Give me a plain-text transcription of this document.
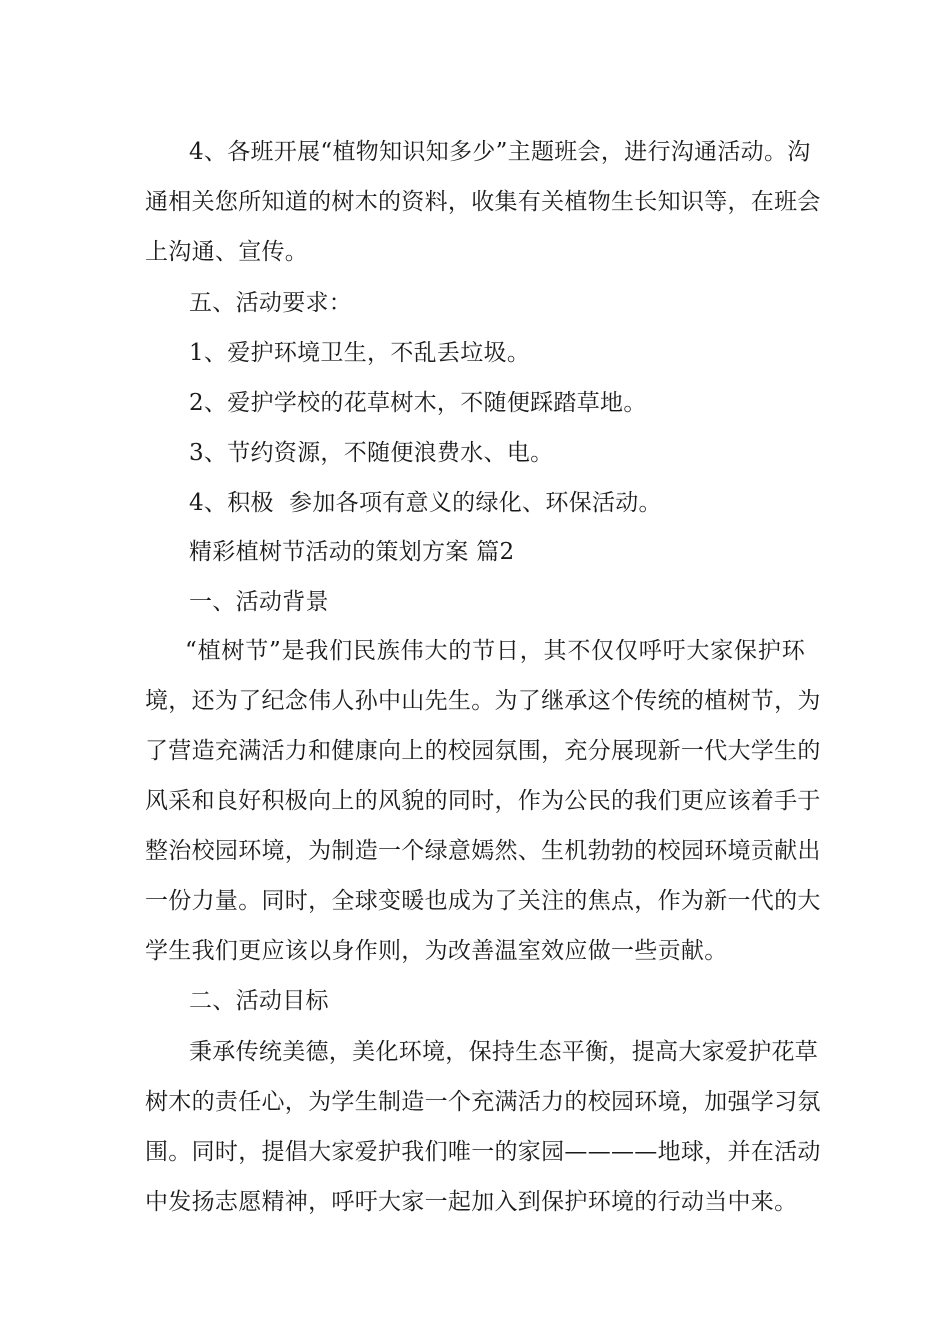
4、各班开展“植物知识知多少”主题班会，进行沟通活动。沟
通相关您所知道的树木的资料，收集有关植物生长知识等，在班会
上沟通、宣传。
五、活动要求：
1、爱护环境卫生，不乱丢垃圾。
2、爱护学校的花草树木，不随便踩踏草地。
3、节约资源，不随便浪费水、电。
4、积极  参加各项有意义的绿化、环保活动。
精彩植树节活动的策划方案 篇2
一、活动背景
“植树节”是我们民族伟大的节日，其不仅仅呼吁大家保护环
境，还为了纪念伟人孙中山先生。为了继承这个传统的植树节，为
了营造充满活力和健康向上的校园氛围，充分展现新一代大学生的
风采和良好积极向上的风貌的同时，作为公民的我们更应该着手于
整治校园环境，为制造一个绿意嫣然、生机勃勃的校园环境贡献出
一份力量。同时，全球变暖也成为了关注的焦点，作为新一代的大
学生我们更应该以身作则，为改善温室效应做一些贡献。
二、活动目标
秉承传统美德，美化环境，保持生态平衡，提高大家爱护花草
树木的责任心，为学生制造一个充满活力的校园环境，加强学习氛
围。同时，提倡大家爱护我们唯一的家园————地球，并在活动
中发扬志愿精神，呼吁大家一起加入到保护环境的行动当中来。
